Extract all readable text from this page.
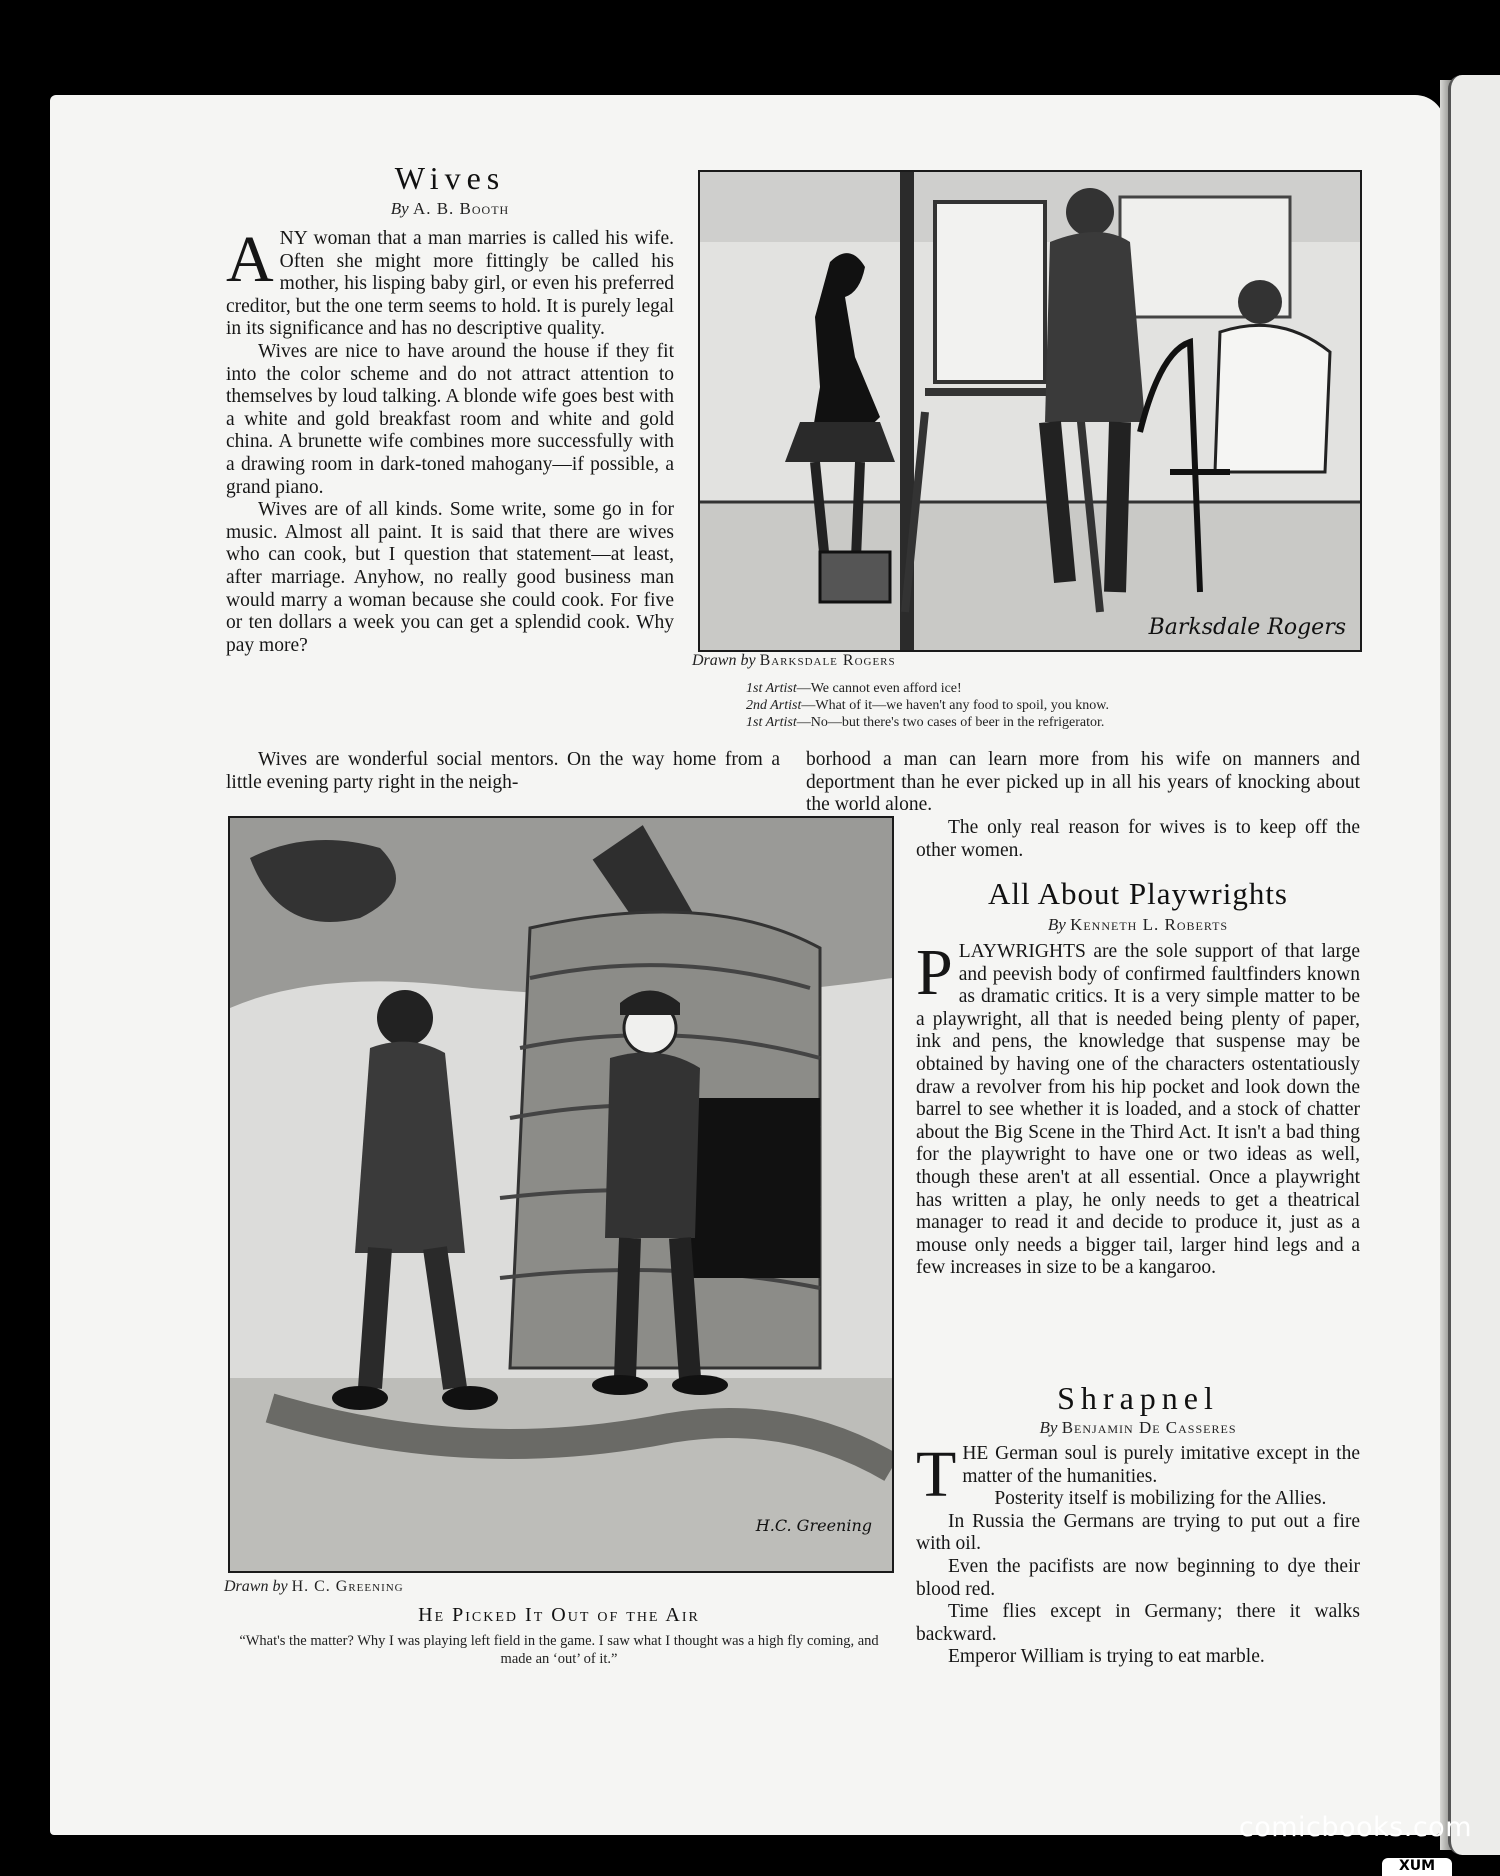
Wives
By A. B. Booth

ANY woman that a man marries is called his wife. Often she might more fittingly be called his mother, his lisping baby girl, or even his preferred creditor, but the one term seems to hold. It is purely legal in its significance and has no descriptive quality.

Wives are nice to have around the house if they fit into the color scheme and do not attract attention to themselves by loud talking. A blonde wife goes best with a white and gold breakfast room and white and gold china. A brunette wife combines more successfully with a drawing room in dark-toned mahogany—if possible, a grand piano.

Wives are of all kinds. Some write, some go in for music. Almost all paint. It is said that there are wives who can cook, but I question that statement—at least, after marriage. Anyhow, no really good business man would marry a woman because she could cook. For five or ten dollars a week you can get a splendid cook. Why pay more?

Wives are wonderful social mentors. On the way home from a little evening party right in the neigh-

borhood a man can learn more from his wife on manners and deportment than he ever picked up in all his years of knocking about the world alone.

The only real reason for wives is to keep off the other women.

Barksdale Rogers
Drawn by Barksdale Rogers
1st Artist—We cannot even afford ice!
2nd Artist—What of it—we haven't any food to spoil, you know.
1st Artist—No—but there's two cases of beer in the refrigerator.
H.C. Greening
Drawn by H. C. Greening
He Picked It Out of the Air
“What's the matter? Why I was playing left field in the game. I saw what I thought was a high fly coming, and made an ‘out’ of it.”
All About Playwrights
By Kenneth L. Roberts

PLAYWRIGHTS are the sole support of that large and peevish body of confirmed faultfinders known as dramatic critics. It is a very simple matter to be a playwright, all that is needed being plenty of paper, ink and pens, the knowledge that suspense may be obtained by having one of the characters ostentatiously draw a revolver from his hip pocket and look down the barrel to see whether it is loaded, and a stock of chatter about the Big Scene in the Third Act. It isn't a bad thing for the playwright to have one or two ideas as well, though these aren't at all essential. Once a playwright has written a play, he only needs to get a theatrical manager to read it and decide to produce it, just as a mouse only needs a bigger tail, larger hind legs and a few increases in size to be a kangaroo.

Shrapnel
By Benjamin De Casseres

THE German soul is purely imitative except in the matter of the humanities.

Posterity itself is mobilizing for the Allies.

In Russia the Germans are trying to put out a fire with oil.

Even the pacifists are now beginning to dye their blood red.

Time flies except in Germany; there it walks backward.

Emperor William is trying to eat marble.

comicbooks.com
XUM
